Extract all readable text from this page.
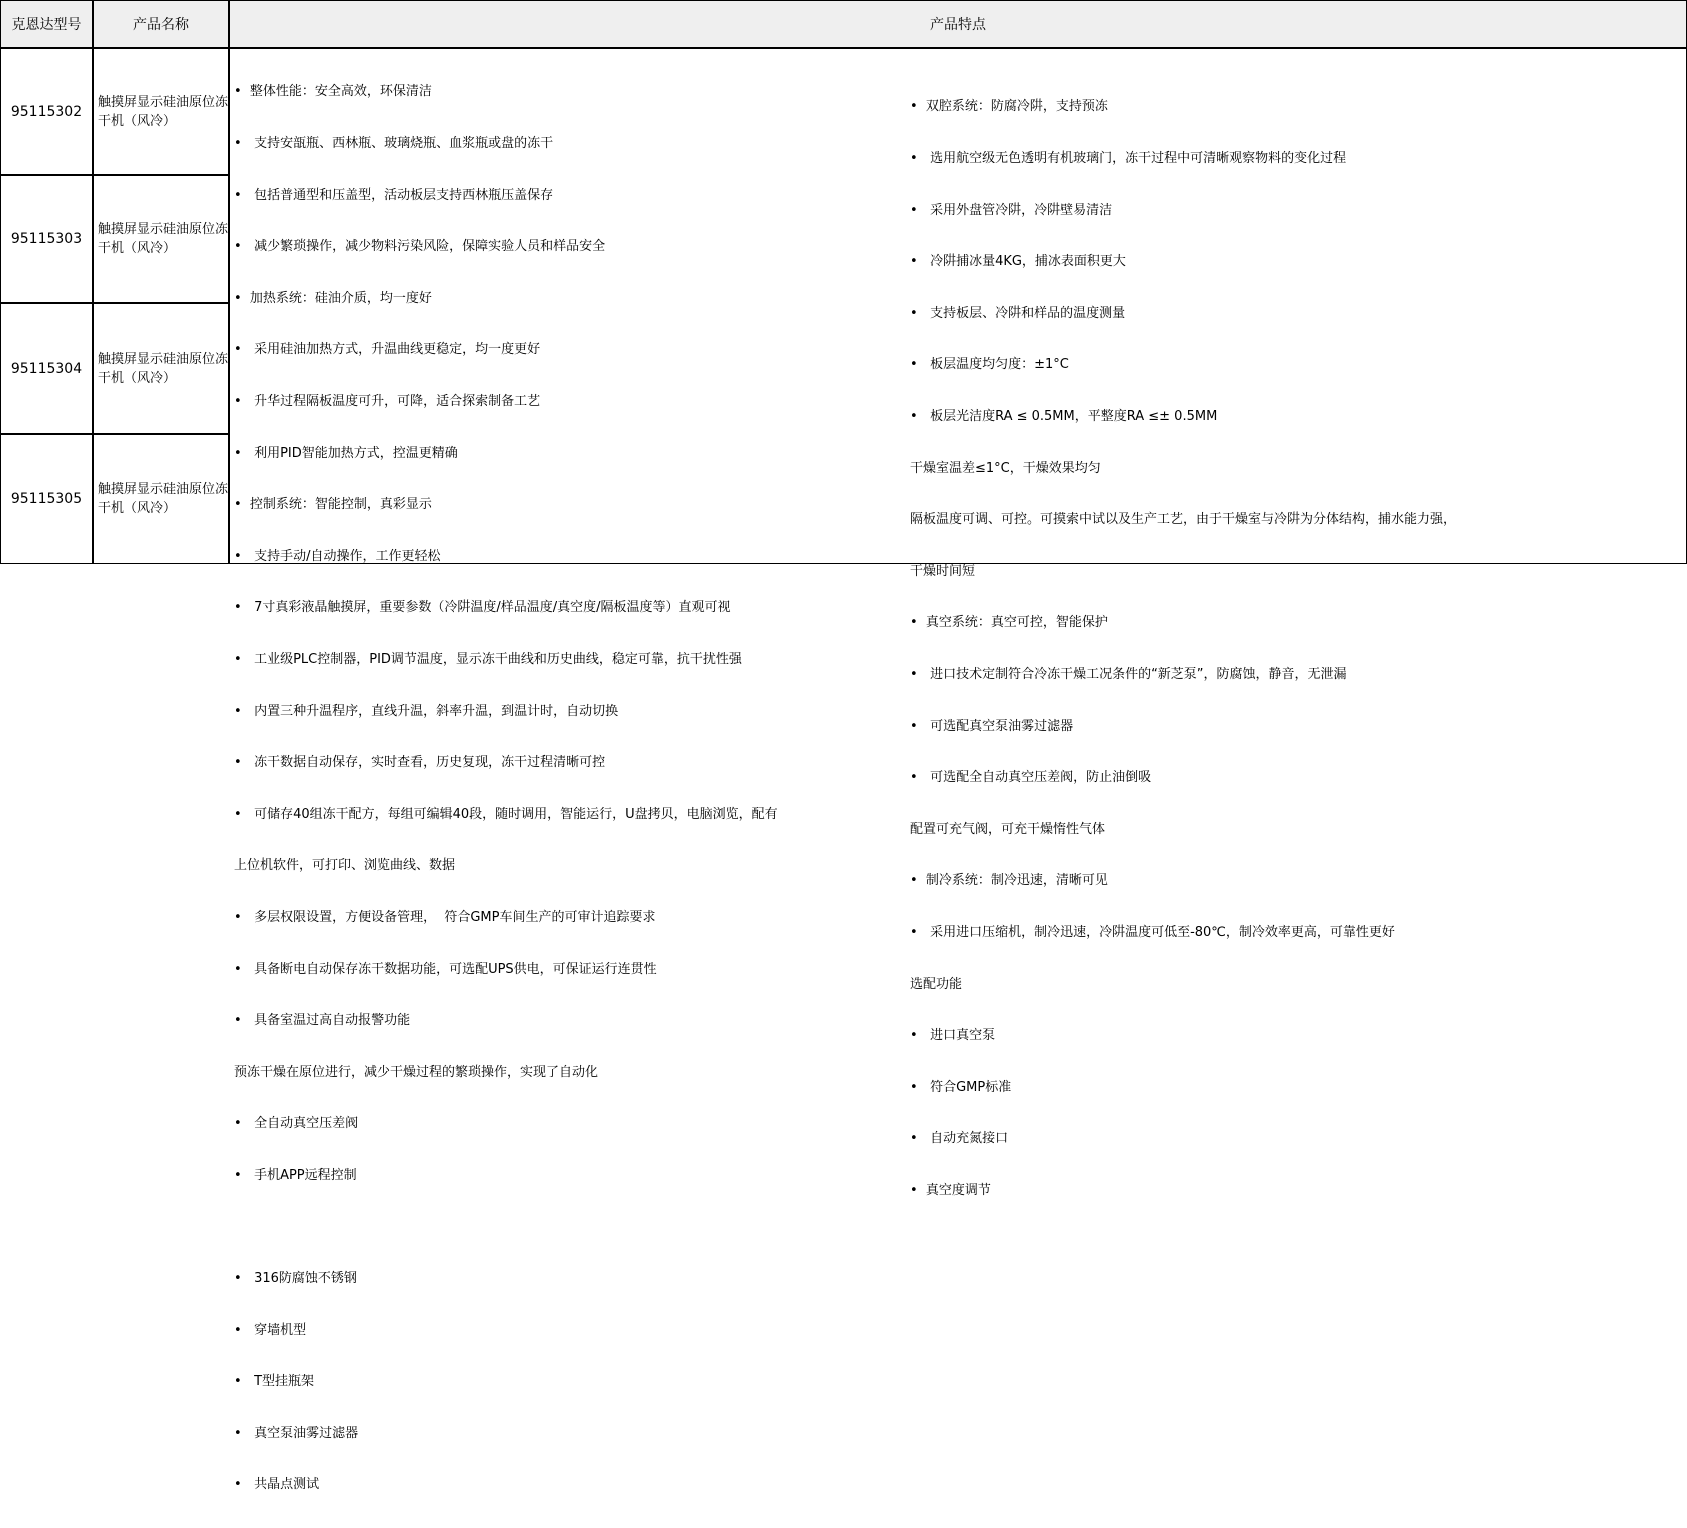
克恩达型号	产品名称	产品特点
95115302
触摸屏显示硅油原位冻干机（风冷）
95115303
触摸屏显示硅油原位冻干机（风冷）
95115304
触摸屏显示硅油原位冻干机（风冷）
95115305
触摸屏显示硅油原位冻干机（风冷）

•  整体性能：安全高效，环保清洁

•   支持安瓿瓶、西林瓶、玻璃烧瓶、血浆瓶或盘的冻干

•   包括普通型和压盖型，活动板层支持西林瓶压盖保存

•   减少繁琐操作，减少物料污染风险，保障实验人员和样品安全

•  加热系统：硅油介质，均一度好

•   采用硅油加热方式，升温曲线更稳定，均一度更好

•   升华过程隔板温度可升，可降，适合探索制备工艺

•   利用PID智能加热方式，控温更精确

•  控制系统：智能控制，真彩显示

•   支持手动/自动操作，工作更轻松

•   7寸真彩液晶触摸屏，重要参数（冷阱温度/样品温度/真空度/隔板温度等）直观可视

•   工业级PLC控制器，PID调节温度，显示冻干曲线和历史曲线，稳定可靠，抗干扰性强

•   内置三种升温程序，直线升温，斜率升温，到温计时，自动切换

•   冻干数据自动保存，实时查看，历史复现，冻干过程清晰可控

•   可储存40组冻干配方，每组可编辑40段，随时调用，智能运行，U盘拷贝，电脑浏览，配有

上位机软件，可打印、浏览曲线、数据

•   多层权限设置，方便设备管理，  符合GMP车间生产的可审计追踪要求

•   具备断电自动保存冻干数据功能，可选配UPS供电，可保证运行连贯性

•   具备室温过高自动报警功能

预冻干燥在原位进行，减少干燥过程的繁琐操作，实现了自动化

•   全自动真空压差阀

•   手机APP远程控制

•   316防腐蚀不锈钢

•   穿墙机型

•   T型挂瓶架

•   真空泵油雾过滤器

•   共晶点测试

•  双腔系统：防腐冷阱，支持预冻

•   选用航空级无色透明有机玻璃门，冻干过程中可清晰观察物料的变化过程

•   采用外盘管冷阱，冷阱壁易清洁

•   冷阱捕冰量4KG，捕冰表面积更大

•   支持板层、冷阱和样品的温度测量

•   板层温度均匀度：±1°C

•   板层光洁度RA ≤ 0.5MM，平整度RA ≤± 0.5MM

干燥室温差≤1°C，干燥效果均匀

隔板温度可调、可控。可摸索中试以及生产工艺，由于干燥室与冷阱为分体结构，捕水能力强，

干燥时间短

•  真空系统：真空可控，智能保护

•   进口技术定制符合冷冻干燥工况条件的“新芝泵”，防腐蚀，静音，无泄漏

•   可选配真空泵油雾过滤器

•   可选配全自动真空压差阀，防止油倒吸

配置可充气阀，可充干燥惰性气体

•  制冷系统：制冷迅速，清晰可见

•   采用进口压缩机，制冷迅速，冷阱温度可低至-80℃，制冷效率更高，可靠性更好

选配功能

•   进口真空泵

•   符合GMP标准

•   自动充氮接口

•  真空度调节
